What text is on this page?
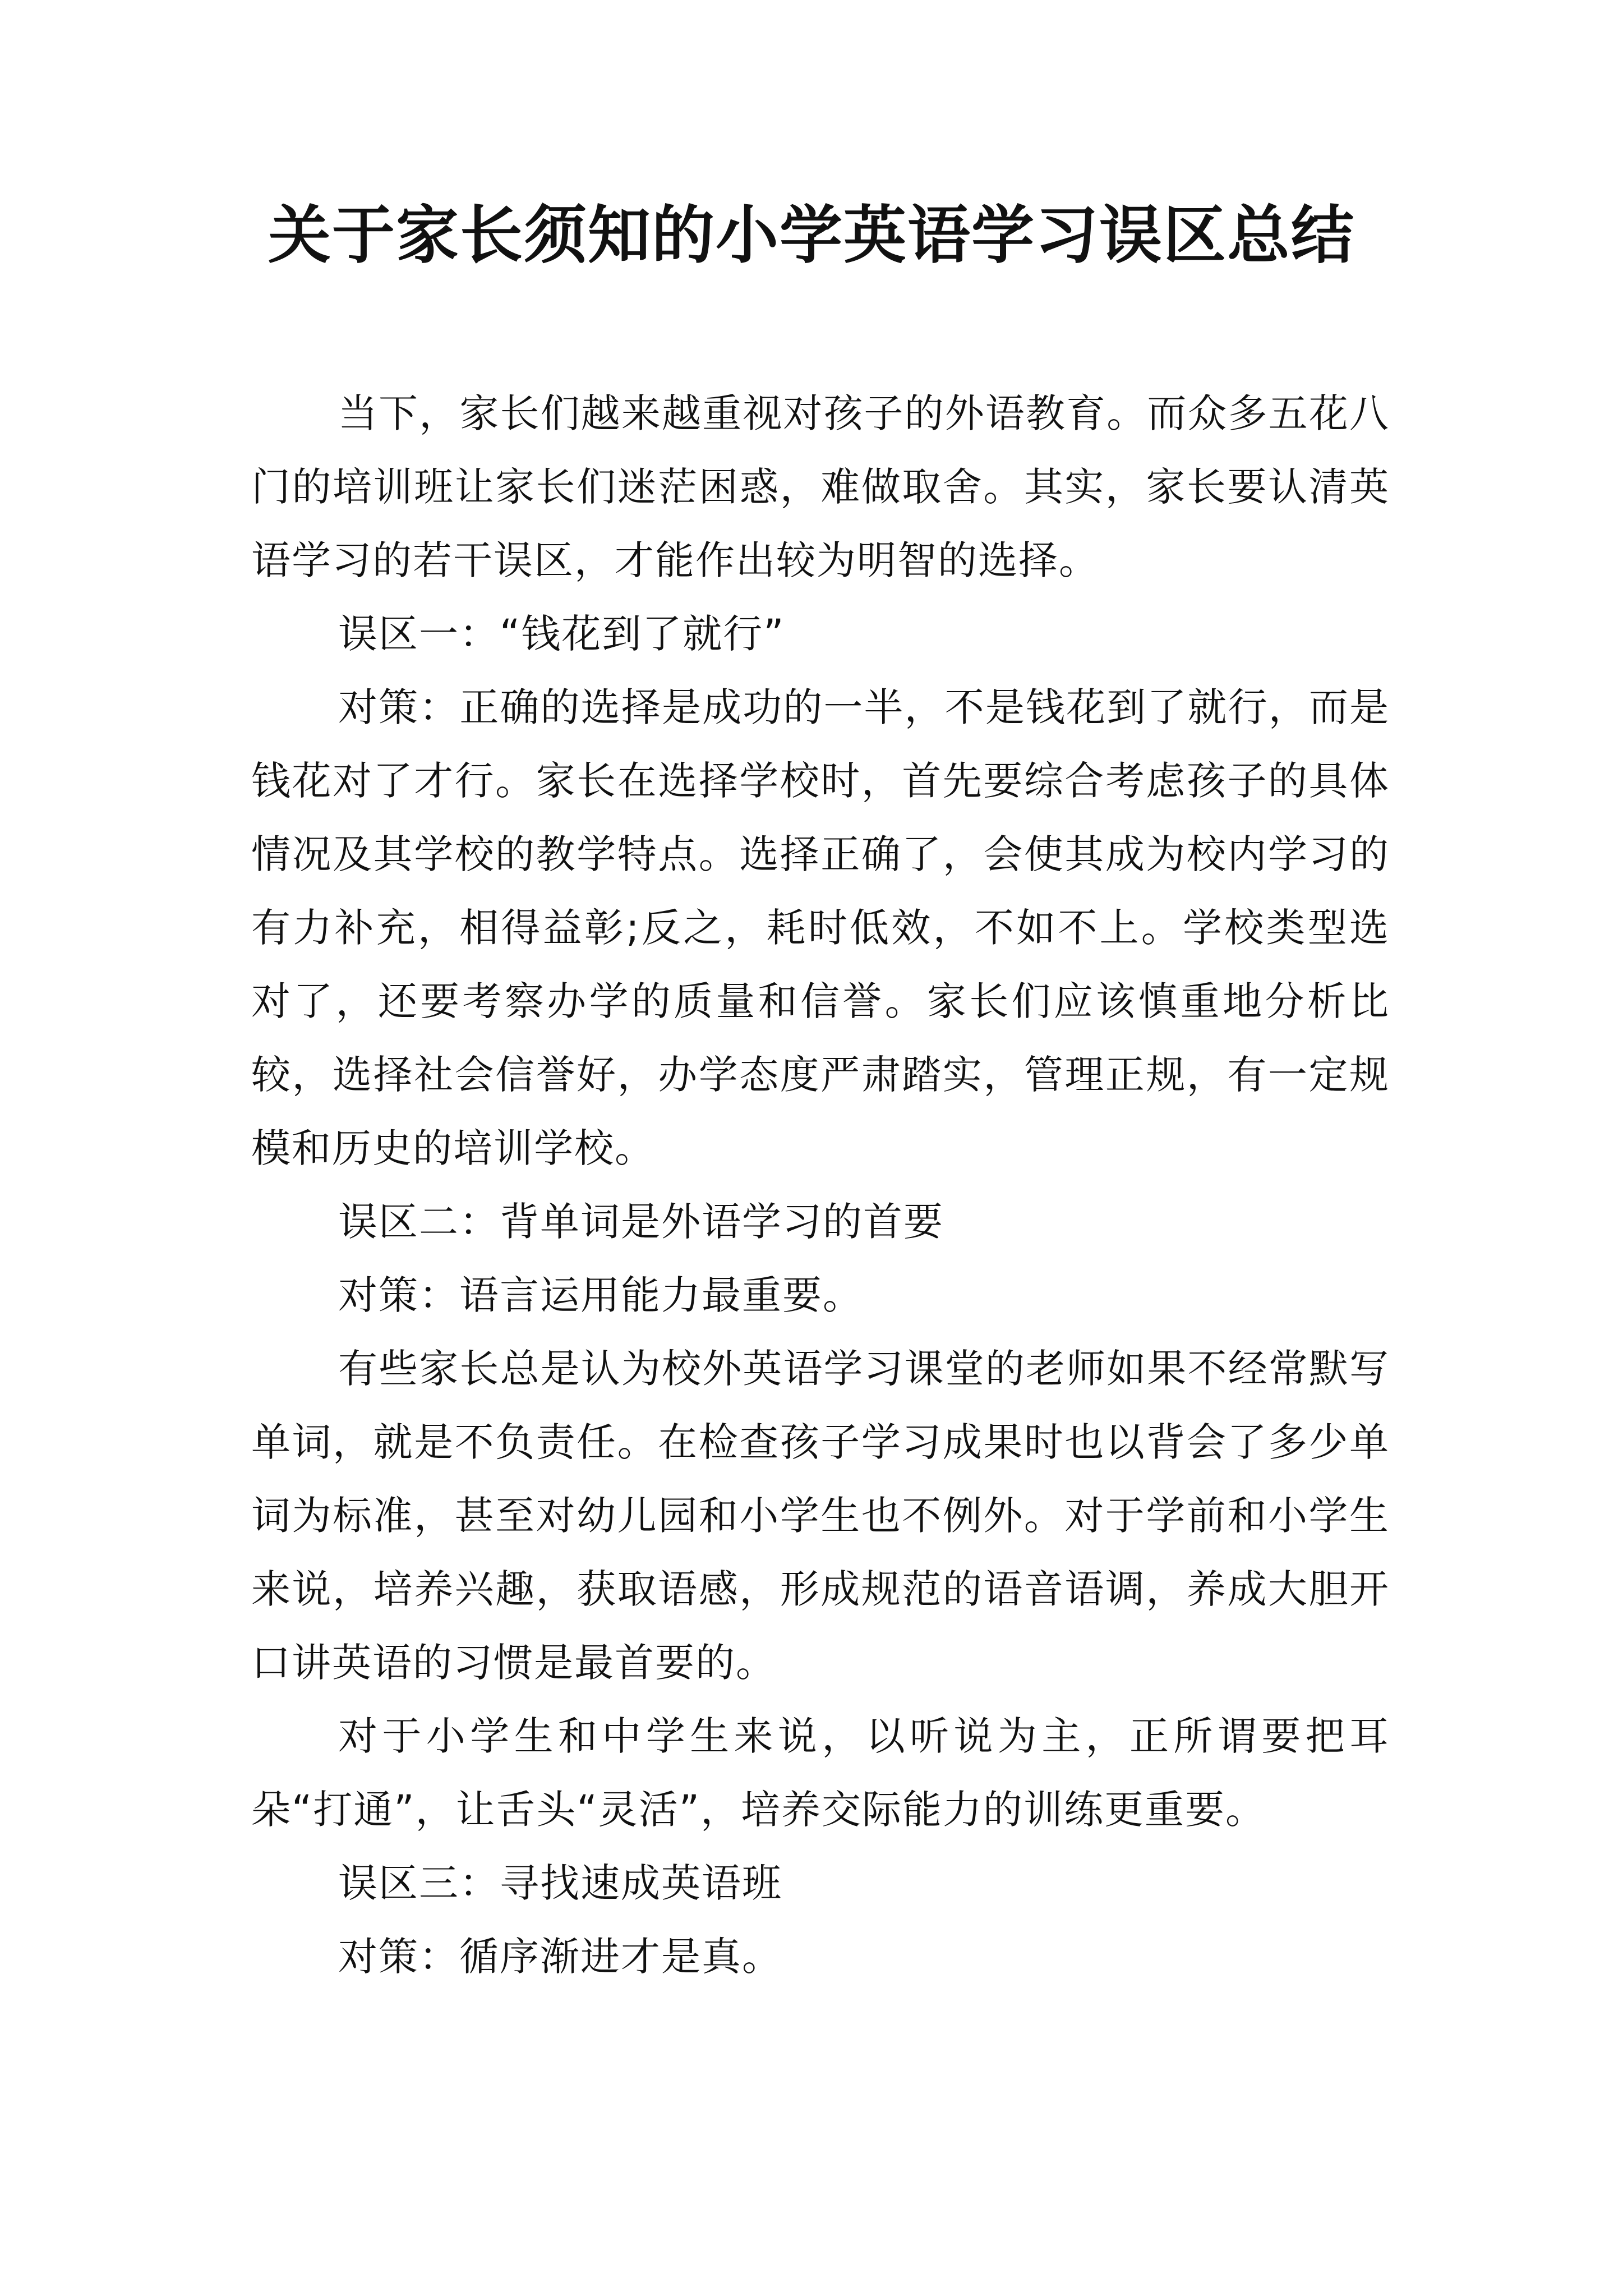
关于家长须知的小学英语学习误区总结

当下，家长们越来越重视对孩子的外语教育。而众多五花八门的培训班让家长们迷茫困惑，难做取舍。其实，家长要认清英语学习的若干误区，才能作出较为明智的选择。

误区一：“钱花到了就行”

对策：正确的选择是成功的一半，不是钱花到了就行，而是钱花对了才行。家长在选择学校时，首先要综合考虑孩子的具体情况及其学校的教学特点。选择正确了，会使其成为校内学习的有力补充，相得益彰;反之，耗时低效，不如不上。学校类型选对了，还要考察办学的质量和信誉。家长们应该慎重地分析比较，选择社会信誉好，办学态度严肃踏实，管理正规，有一定规模和历史的培训学校。

误区二：背单词是外语学习的首要

对策：语言运用能力最重要。

有些家长总是认为校外英语学习课堂的老师如果不经常默写单词，就是不负责任。在检查孩子学习成果时也以背会了多少单词为标准，甚至对幼儿园和小学生也不例外。对于学前和小学生来说，培养兴趣，获取语感，形成规范的语音语调，养成大胆开口讲英语的习惯是最首要的。

对于小学生和中学生来说，以听说为主，正所谓要把耳朵“打通”，让舌头“灵活”，培养交际能力的训练更重要。

误区三：寻找速成英语班

对策：循序渐进才是真。
